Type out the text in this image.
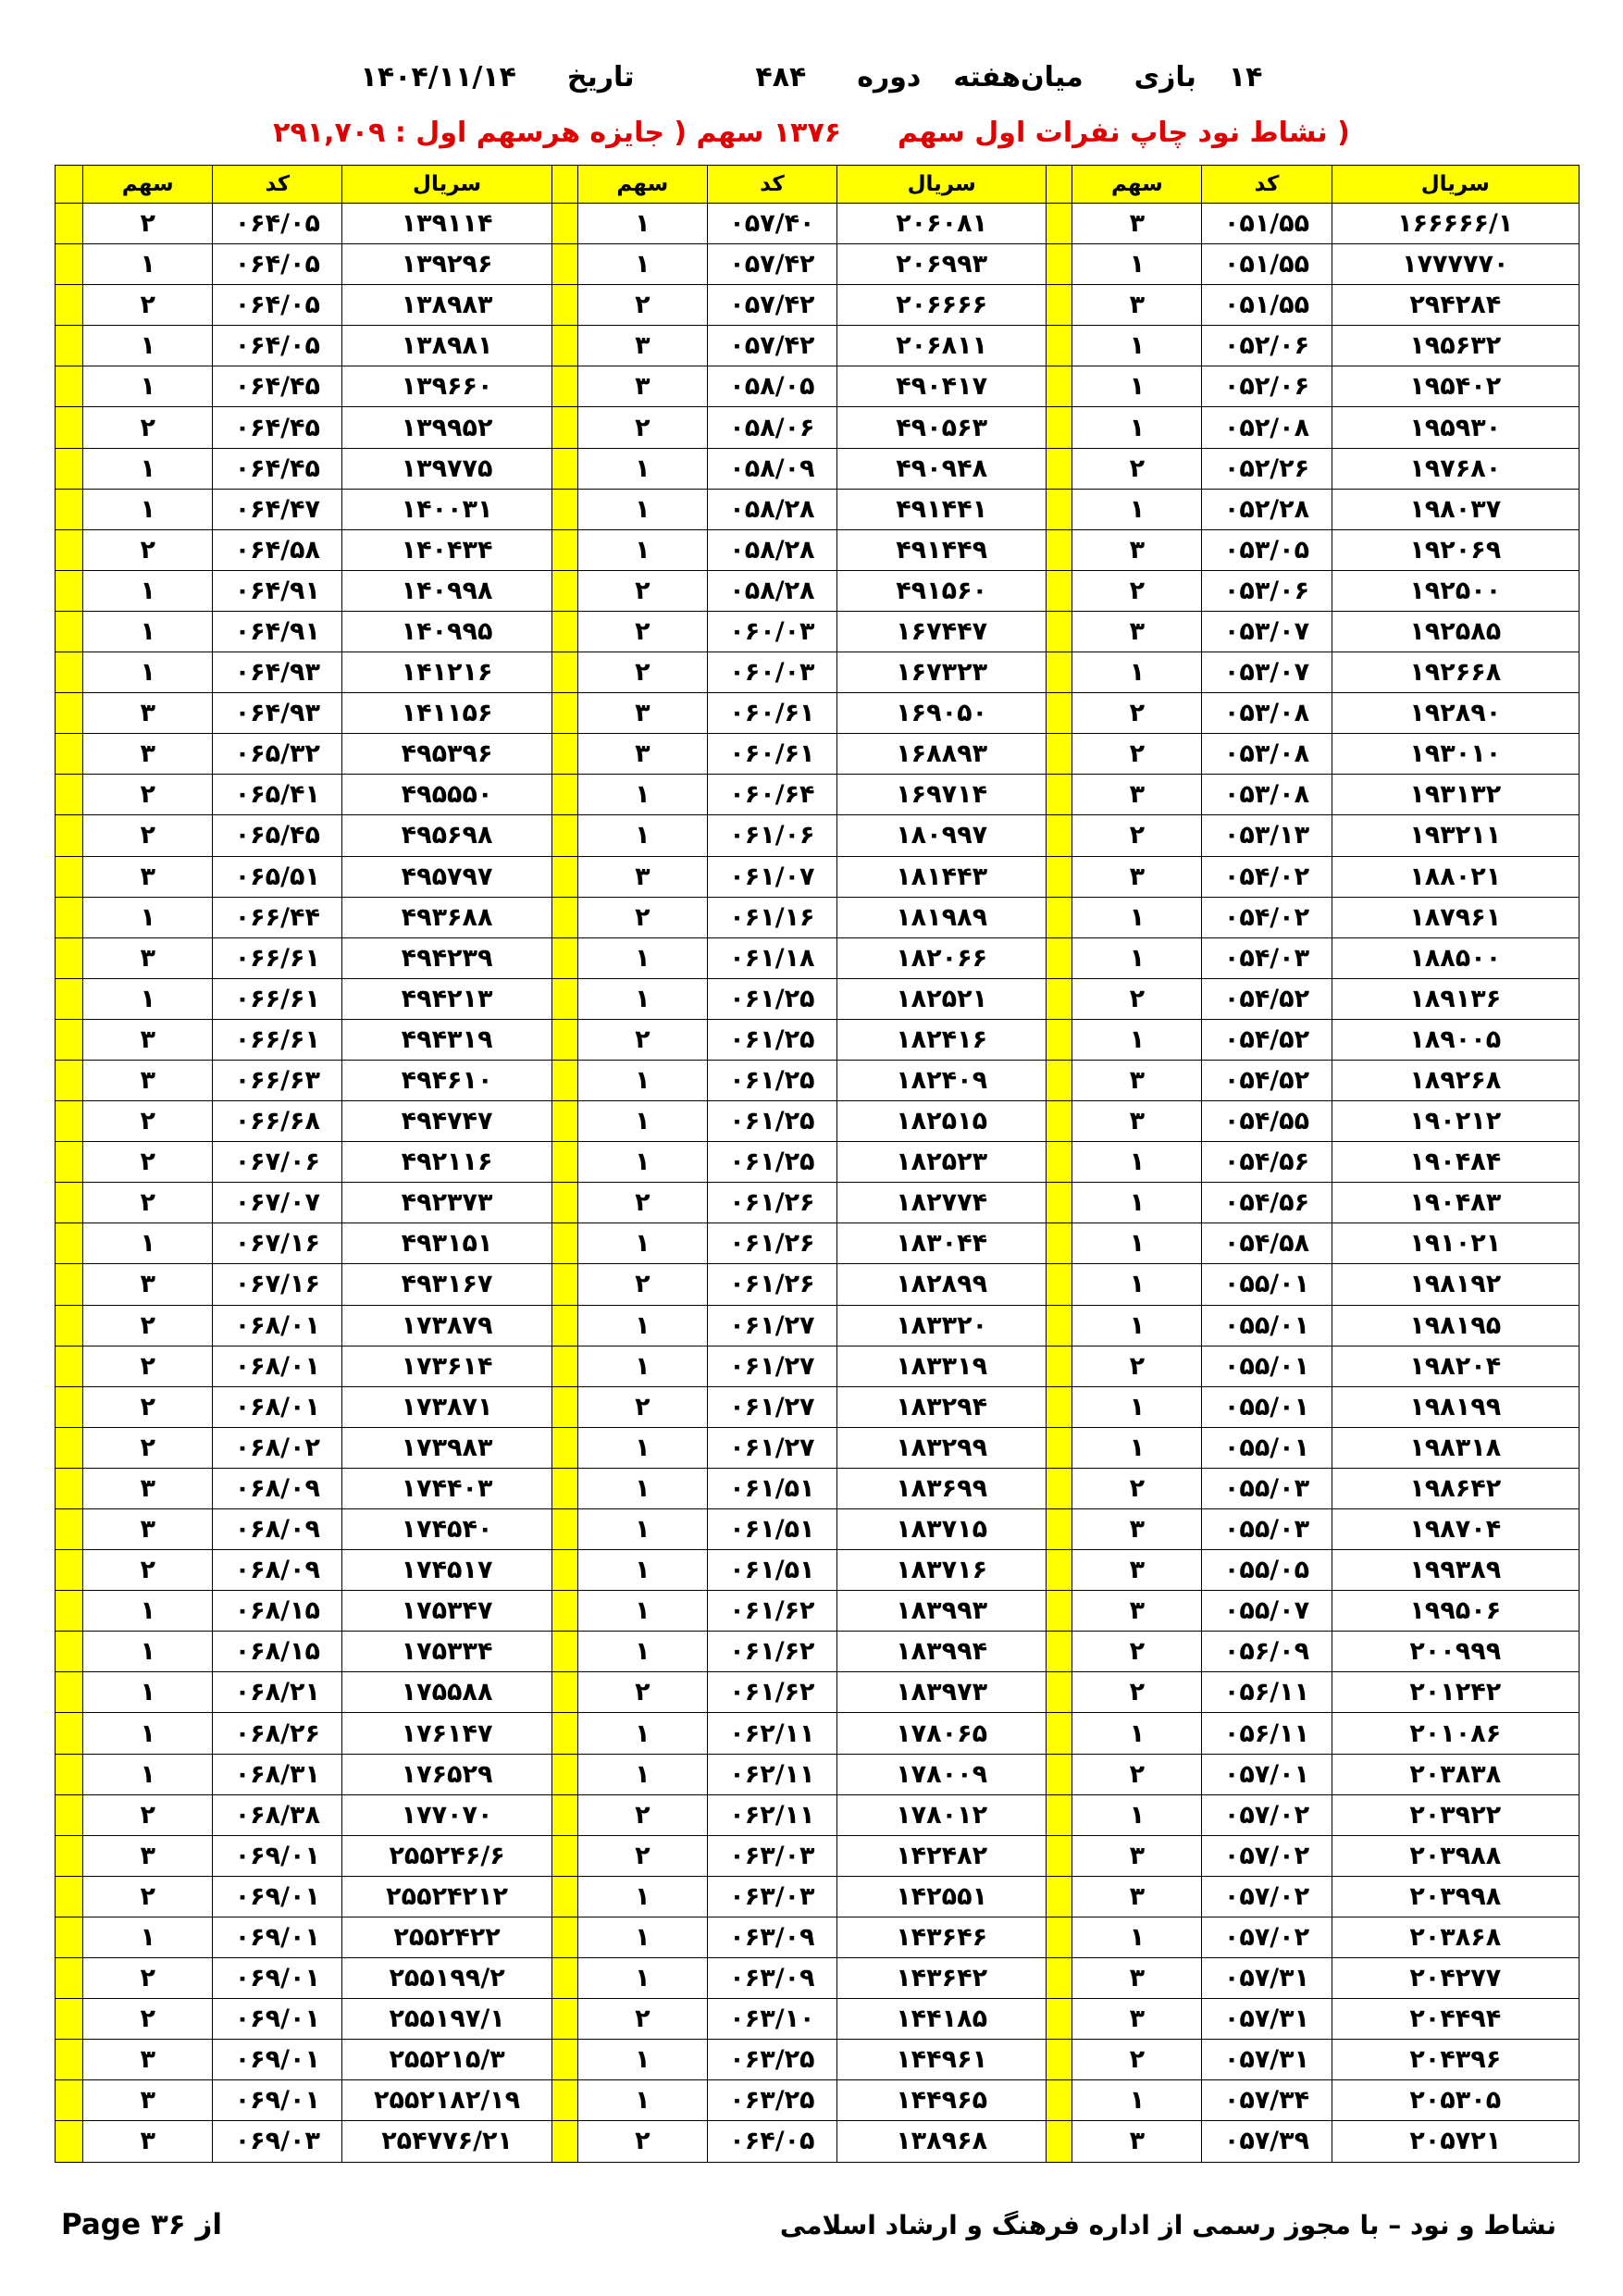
۱۴  بازی  میان‌هفته  دوره  ۴۸۴  تاریخ  ۱۴۰۴/۱۱/۱۴
( نشاط نود چاپ نفرات اول سهم  ۱۳۷۶ سهم ( جایزه هرسهم اول : ۲۹۱,۷۰۹
	سهم	کد	سریال		سهم	کد	سریال		سهم	کد	سریال
	۲	۰۶۴/۰۵	۱۳۹۱۱۴		۱	۰۵۷/۴۰	۲۰۶۰۸۱		۳	۰۵۱/۵۵	۱۶۶۶۶۶/۱
	۱	۰۶۴/۰۵	۱۳۹۲۹۶		۱	۰۵۷/۴۲	۲۰۶۹۹۳		۱	۰۵۱/۵۵	۱۷۷۷۷۷۰
	۲	۰۶۴/۰۵	۱۳۸۹۸۳		۲	۰۵۷/۴۲	۲۰۶۶۶۶		۳	۰۵۱/۵۵	۲۹۴۲۸۴
	۱	۰۶۴/۰۵	۱۳۸۹۸۱		۳	۰۵۷/۴۲	۲۰۶۸۱۱		۱	۰۵۲/۰۶	۱۹۵۶۳۲
	۱	۰۶۴/۴۵	۱۳۹۶۶۰		۳	۰۵۸/۰۵	۴۹۰۴۱۷		۱	۰۵۲/۰۶	۱۹۵۴۰۲
	۲	۰۶۴/۴۵	۱۳۹۹۵۲		۲	۰۵۸/۰۶	۴۹۰۵۶۳		۱	۰۵۲/۰۸	۱۹۵۹۳۰
	۱	۰۶۴/۴۵	۱۳۹۷۷۵		۱	۰۵۸/۰۹	۴۹۰۹۴۸		۲	۰۵۲/۲۶	۱۹۷۶۸۰
	۱	۰۶۴/۴۷	۱۴۰۰۳۱		۱	۰۵۸/۲۸	۴۹۱۴۴۱		۱	۰۵۲/۲۸	۱۹۸۰۳۷
	۲	۰۶۴/۵۸	۱۴۰۴۳۴		۱	۰۵۸/۲۸	۴۹۱۴۴۹		۳	۰۵۳/۰۵	۱۹۲۰۶۹
	۱	۰۶۴/۹۱	۱۴۰۹۹۸		۲	۰۵۸/۲۸	۴۹۱۵۶۰		۲	۰۵۳/۰۶	۱۹۲۵۰۰
	۱	۰۶۴/۹۱	۱۴۰۹۹۵		۲	۰۶۰/۰۳	۱۶۷۴۴۷		۳	۰۵۳/۰۷	۱۹۲۵۸۵
	۱	۰۶۴/۹۳	۱۴۱۲۱۶		۲	۰۶۰/۰۳	۱۶۷۳۲۳		۱	۰۵۳/۰۷	۱۹۲۶۶۸
	۳	۰۶۴/۹۳	۱۴۱۱۵۶		۳	۰۶۰/۶۱	۱۶۹۰۵۰		۲	۰۵۳/۰۸	۱۹۲۸۹۰
	۳	۰۶۵/۳۲	۴۹۵۳۹۶		۳	۰۶۰/۶۱	۱۶۸۸۹۳		۲	۰۵۳/۰۸	۱۹۳۰۱۰
	۲	۰۶۵/۴۱	۴۹۵۵۵۰		۱	۰۶۰/۶۴	۱۶۹۷۱۴		۳	۰۵۳/۰۸	۱۹۳۱۳۲
	۲	۰۶۵/۴۵	۴۹۵۶۹۸		۱	۰۶۱/۰۶	۱۸۰۹۹۷		۲	۰۵۳/۱۳	۱۹۳۲۱۱
	۳	۰۶۵/۵۱	۴۹۵۷۹۷		۳	۰۶۱/۰۷	۱۸۱۴۴۳		۳	۰۵۴/۰۲	۱۸۸۰۲۱
	۱	۰۶۶/۴۴	۴۹۳۶۸۸		۲	۰۶۱/۱۶	۱۸۱۹۸۹		۱	۰۵۴/۰۲	۱۸۷۹۶۱
	۳	۰۶۶/۶۱	۴۹۴۲۳۹		۱	۰۶۱/۱۸	۱۸۲۰۶۶		۱	۰۵۴/۰۳	۱۸۸۵۰۰
	۱	۰۶۶/۶۱	۴۹۴۲۱۳		۱	۰۶۱/۲۵	۱۸۲۵۲۱		۲	۰۵۴/۵۲	۱۸۹۱۳۶
	۳	۰۶۶/۶۱	۴۹۴۳۱۹		۲	۰۶۱/۲۵	۱۸۲۴۱۶		۱	۰۵۴/۵۲	۱۸۹۰۰۵
	۳	۰۶۶/۶۳	۴۹۴۶۱۰		۱	۰۶۱/۲۵	۱۸۲۴۰۹		۳	۰۵۴/۵۲	۱۸۹۲۶۸
	۲	۰۶۶/۶۸	۴۹۴۷۴۷		۱	۰۶۱/۲۵	۱۸۲۵۱۵		۳	۰۵۴/۵۵	۱۹۰۲۱۲
	۲	۰۶۷/۰۶	۴۹۲۱۱۶		۱	۰۶۱/۲۵	۱۸۲۵۲۳		۱	۰۵۴/۵۶	۱۹۰۴۸۴
	۲	۰۶۷/۰۷	۴۹۲۳۷۳		۲	۰۶۱/۲۶	۱۸۲۷۷۴		۱	۰۵۴/۵۶	۱۹۰۴۸۳
	۱	۰۶۷/۱۶	۴۹۳۱۵۱		۱	۰۶۱/۲۶	۱۸۳۰۴۴		۱	۰۵۴/۵۸	۱۹۱۰۲۱
	۳	۰۶۷/۱۶	۴۹۳۱۶۷		۲	۰۶۱/۲۶	۱۸۲۸۹۹		۱	۰۵۵/۰۱	۱۹۸۱۹۲
	۲	۰۶۸/۰۱	۱۷۳۸۷۹		۱	۰۶۱/۲۷	۱۸۳۳۲۰		۱	۰۵۵/۰۱	۱۹۸۱۹۵
	۲	۰۶۸/۰۱	۱۷۳۶۱۴		۱	۰۶۱/۲۷	۱۸۳۳۱۹		۲	۰۵۵/۰۱	۱۹۸۲۰۴
	۲	۰۶۸/۰۱	۱۷۳۸۷۱		۲	۰۶۱/۲۷	۱۸۳۲۹۴		۱	۰۵۵/۰۱	۱۹۸۱۹۹
	۲	۰۶۸/۰۲	۱۷۳۹۸۳		۱	۰۶۱/۲۷	۱۸۳۲۹۹		۱	۰۵۵/۰۱	۱۹۸۳۱۸
	۳	۰۶۸/۰۹	۱۷۴۴۰۳		۱	۰۶۱/۵۱	۱۸۳۶۹۹		۲	۰۵۵/۰۳	۱۹۸۶۴۲
	۳	۰۶۸/۰۹	۱۷۴۵۴۰		۱	۰۶۱/۵۱	۱۸۳۷۱۵		۳	۰۵۵/۰۳	۱۹۸۷۰۴
	۲	۰۶۸/۰۹	۱۷۴۵۱۷		۱	۰۶۱/۵۱	۱۸۳۷۱۶		۳	۰۵۵/۰۵	۱۹۹۳۸۹
	۱	۰۶۸/۱۵	۱۷۵۳۴۷		۱	۰۶۱/۶۲	۱۸۳۹۹۳		۳	۰۵۵/۰۷	۱۹۹۵۰۶
	۱	۰۶۸/۱۵	۱۷۵۳۳۴		۱	۰۶۱/۶۲	۱۸۳۹۹۴		۲	۰۵۶/۰۹	۲۰۰۹۹۹
	۱	۰۶۸/۲۱	۱۷۵۵۸۸		۲	۰۶۱/۶۲	۱۸۳۹۷۳		۲	۰۵۶/۱۱	۲۰۱۲۴۲
	۱	۰۶۸/۲۶	۱۷۶۱۴۷		۱	۰۶۲/۱۱	۱۷۸۰۶۵		۱	۰۵۶/۱۱	۲۰۱۰۸۶
	۱	۰۶۸/۳۱	۱۷۶۵۲۹		۱	۰۶۲/۱۱	۱۷۸۰۰۹		۲	۰۵۷/۰۱	۲۰۳۸۳۸
	۲	۰۶۸/۳۸	۱۷۷۰۷۰		۲	۰۶۲/۱۱	۱۷۸۰۱۲		۱	۰۵۷/۰۲	۲۰۳۹۲۲
	۳	۰۶۹/۰۱	۲۵۵۲۴۶/۶		۲	۰۶۳/۰۳	۱۴۲۴۸۲		۳	۰۵۷/۰۲	۲۰۳۹۸۸
	۲	۰۶۹/۰۱	۲۵۵۲۴۲۱۲		۱	۰۶۳/۰۳	۱۴۲۵۵۱		۳	۰۵۷/۰۲	۲۰۳۹۹۸
	۱	۰۶۹/۰۱	۲۵۵۲۴۲۲		۱	۰۶۳/۰۹	۱۴۳۶۴۶		۱	۰۵۷/۰۲	۲۰۳۸۶۸
	۲	۰۶۹/۰۱	۲۵۵۱۹۹/۲		۱	۰۶۳/۰۹	۱۴۳۶۴۲		۳	۰۵۷/۳۱	۲۰۴۲۷۷
	۲	۰۶۹/۰۱	۲۵۵۱۹۷/۱		۲	۰۶۳/۱۰	۱۴۴۱۸۵		۳	۰۵۷/۳۱	۲۰۴۴۹۴
	۳	۰۶۹/۰۱	۲۵۵۲۱۵/۳		۱	۰۶۳/۲۵	۱۴۴۹۶۱		۲	۰۵۷/۳۱	۲۰۴۳۹۶
	۳	۰۶۹/۰۱	۲۵۵۲۱۸۲/۱۹		۱	۰۶۳/۲۵	۱۴۴۹۶۵		۱	۰۵۷/۳۴	۲۰۵۳۰۵
	۳	۰۶۹/۰۳	۲۵۴۷۷۶/۲۱		۲	۰۶۴/۰۵	۱۳۸۹۶۸		۳	۰۵۷/۳۹	۲۰۵۷۲۱
از ۳۶ Page	نشاط و نود – با مجوز رسمی از اداره فرهنگ و ارشاد اسلامی
